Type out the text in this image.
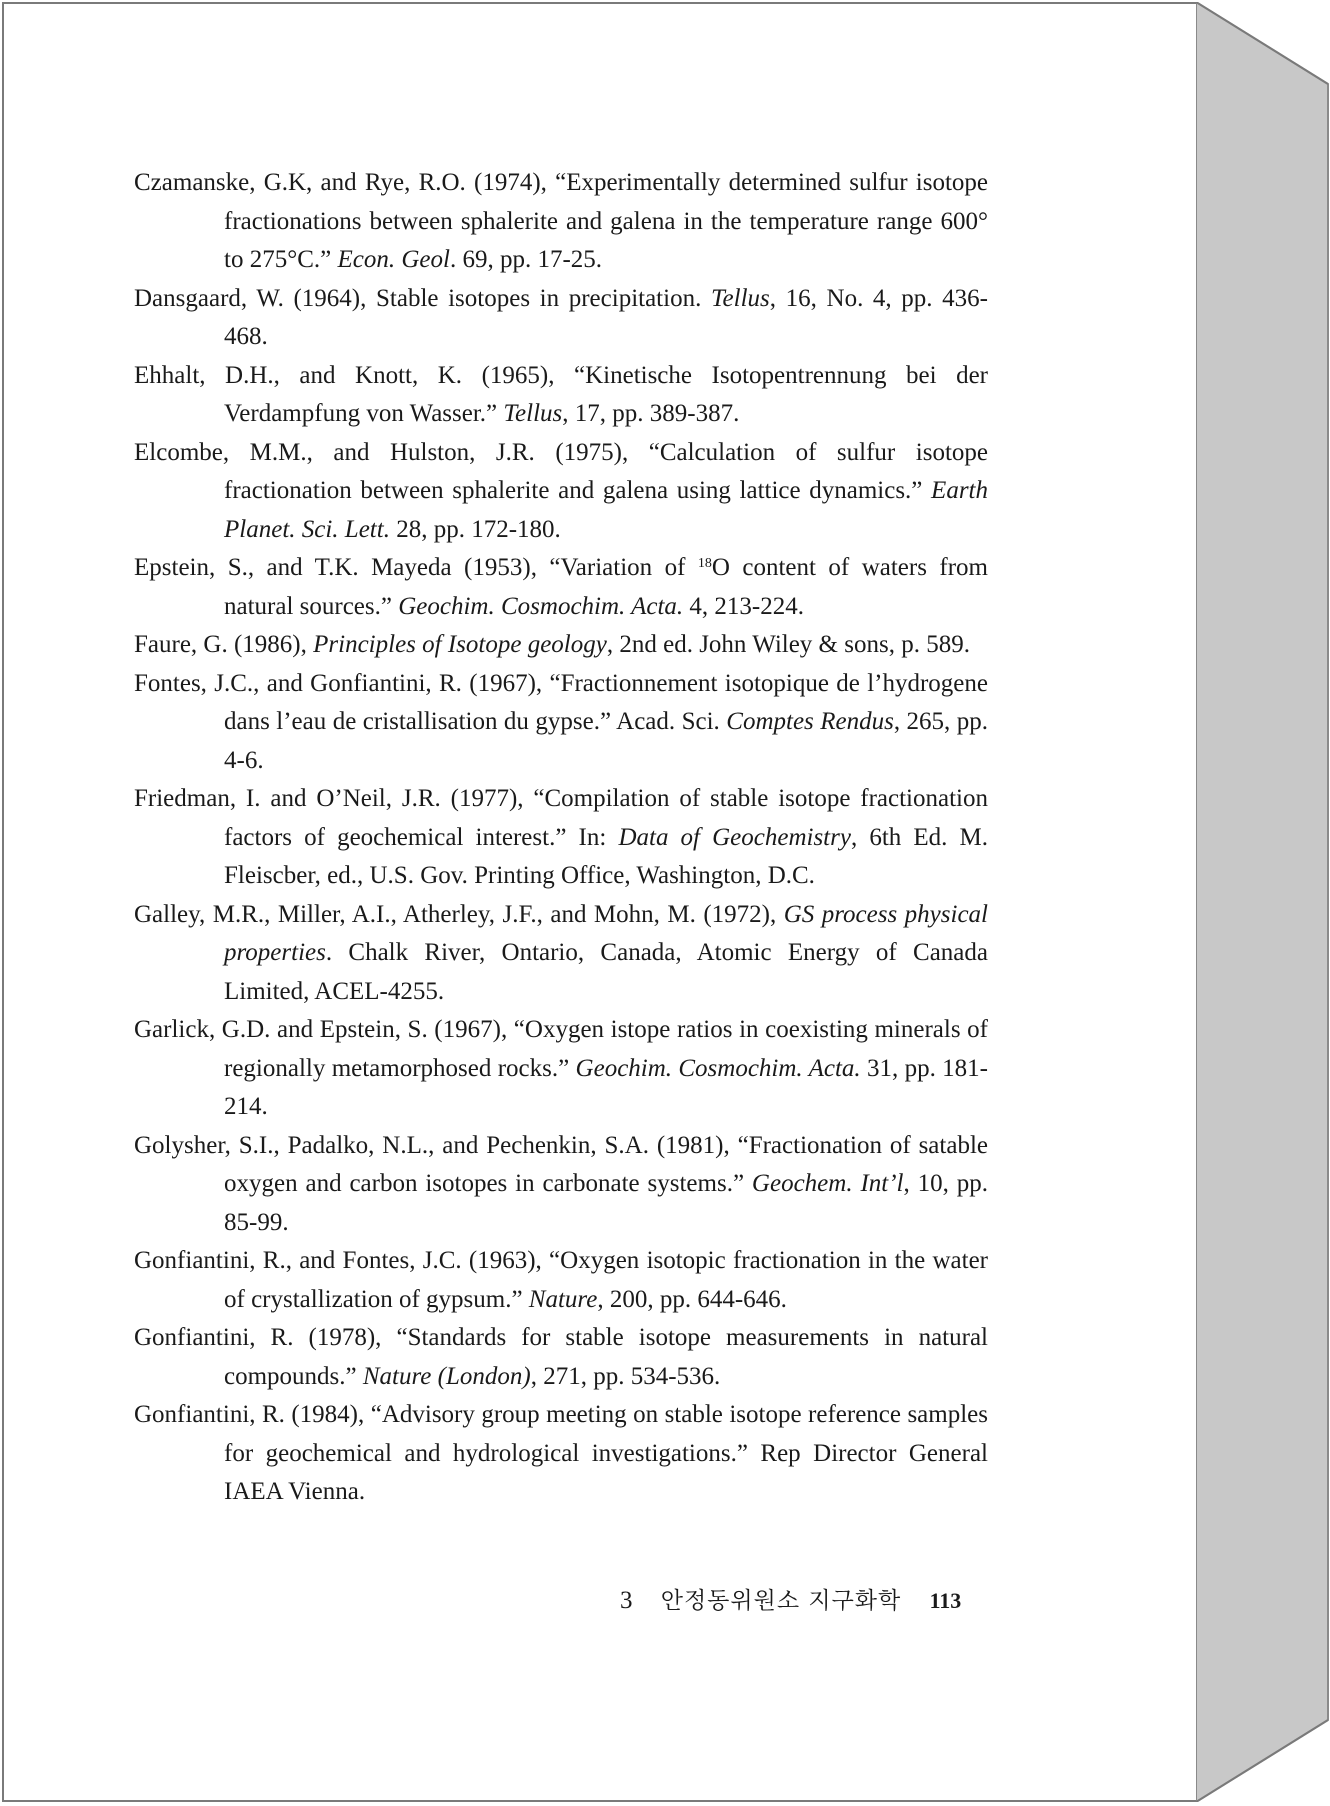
Czamanske, G.K, and Rye, R.O. (1974), “Experimentally determined sulfur isotope fractionations between sphalerite and galena in the temperature range 600° to 275°C.” Econ. Geol. 69, pp. 17-25.

Dansgaard, W. (1964), Stable isotopes in precipitation. Tellus, 16, No. 4, pp. 436-468.

Ehhalt, D.H., and Knott, K. (1965), “Kinetische Isotopentrennung bei der Verdampfung von Wasser.” Tellus, 17, pp. 389-387.

Elcombe, M.M., and Hulston, J.R. (1975), “Calculation of sulfur isotope fractionation between sphalerite and galena using lattice dynamics.” Earth Planet. Sci. Lett. 28, pp. 172-180.

Epstein, S., and T.K. Mayeda (1953), “Variation of $^{18}$O content of waters from natural sources.” Geochim. Cosmochim. Acta. 4, 213-224.

Faure, G. (1986), Principles of Isotope geology, 2nd ed. John Wiley & sons, p. 589.

Fontes, J.C., and Gonfiantini, R. (1967), “Fractionnement isotopique de l’hydrogene dans l’eau de cristallisation du gypse.” Acad. Sci. Comptes Rendus, 265, pp. 4-6.

Friedman, I. and O’Neil, J.R. (1977), “Compilation of stable isotope fractionation factors of geochemical interest.” In: Data of Geochemistry, 6th Ed. M. Fleiscber, ed., U.S. Gov. Printing Office, Washington, D.C.

Galley, M.R., Miller, A.I., Atherley, J.F., and Mohn, M. (1972), GS process physical properties. Chalk River, Ontario, Canada, Atomic Energy of Canada Limited, ACEL-4255.

Garlick, G.D. and Epstein, S. (1967), “Oxygen istope ratios in coexisting minerals of regionally metamorphosed rocks.” Geochim. Cosmochim. Acta. 31, pp. 181-214.

Golysher, S.I., Padalko, N.L., and Pechenkin, S.A. (1981), “Fractionation of satable oxygen and carbon isotopes in carbonate systems.” Geochem. Int’l, 10, pp. 85-99.

Gonfiantini, R., and Fontes, J.C. (1963), “Oxygen isotopic fractionation in the water of crystallization of gypsum.” Nature, 200, pp. 644-646.

Gonfiantini, R. (1978), “Standards for stable isotope measurements in natural compounds.” Nature (London), 271, pp. 534-536.

Gonfiantini, R. (1984), “Advisory group meeting on stable isotope reference samples for geochemical and hydrological investigations.” Rep Director General IAEA Vienna.

3 안정동위원소 지구화학 113
